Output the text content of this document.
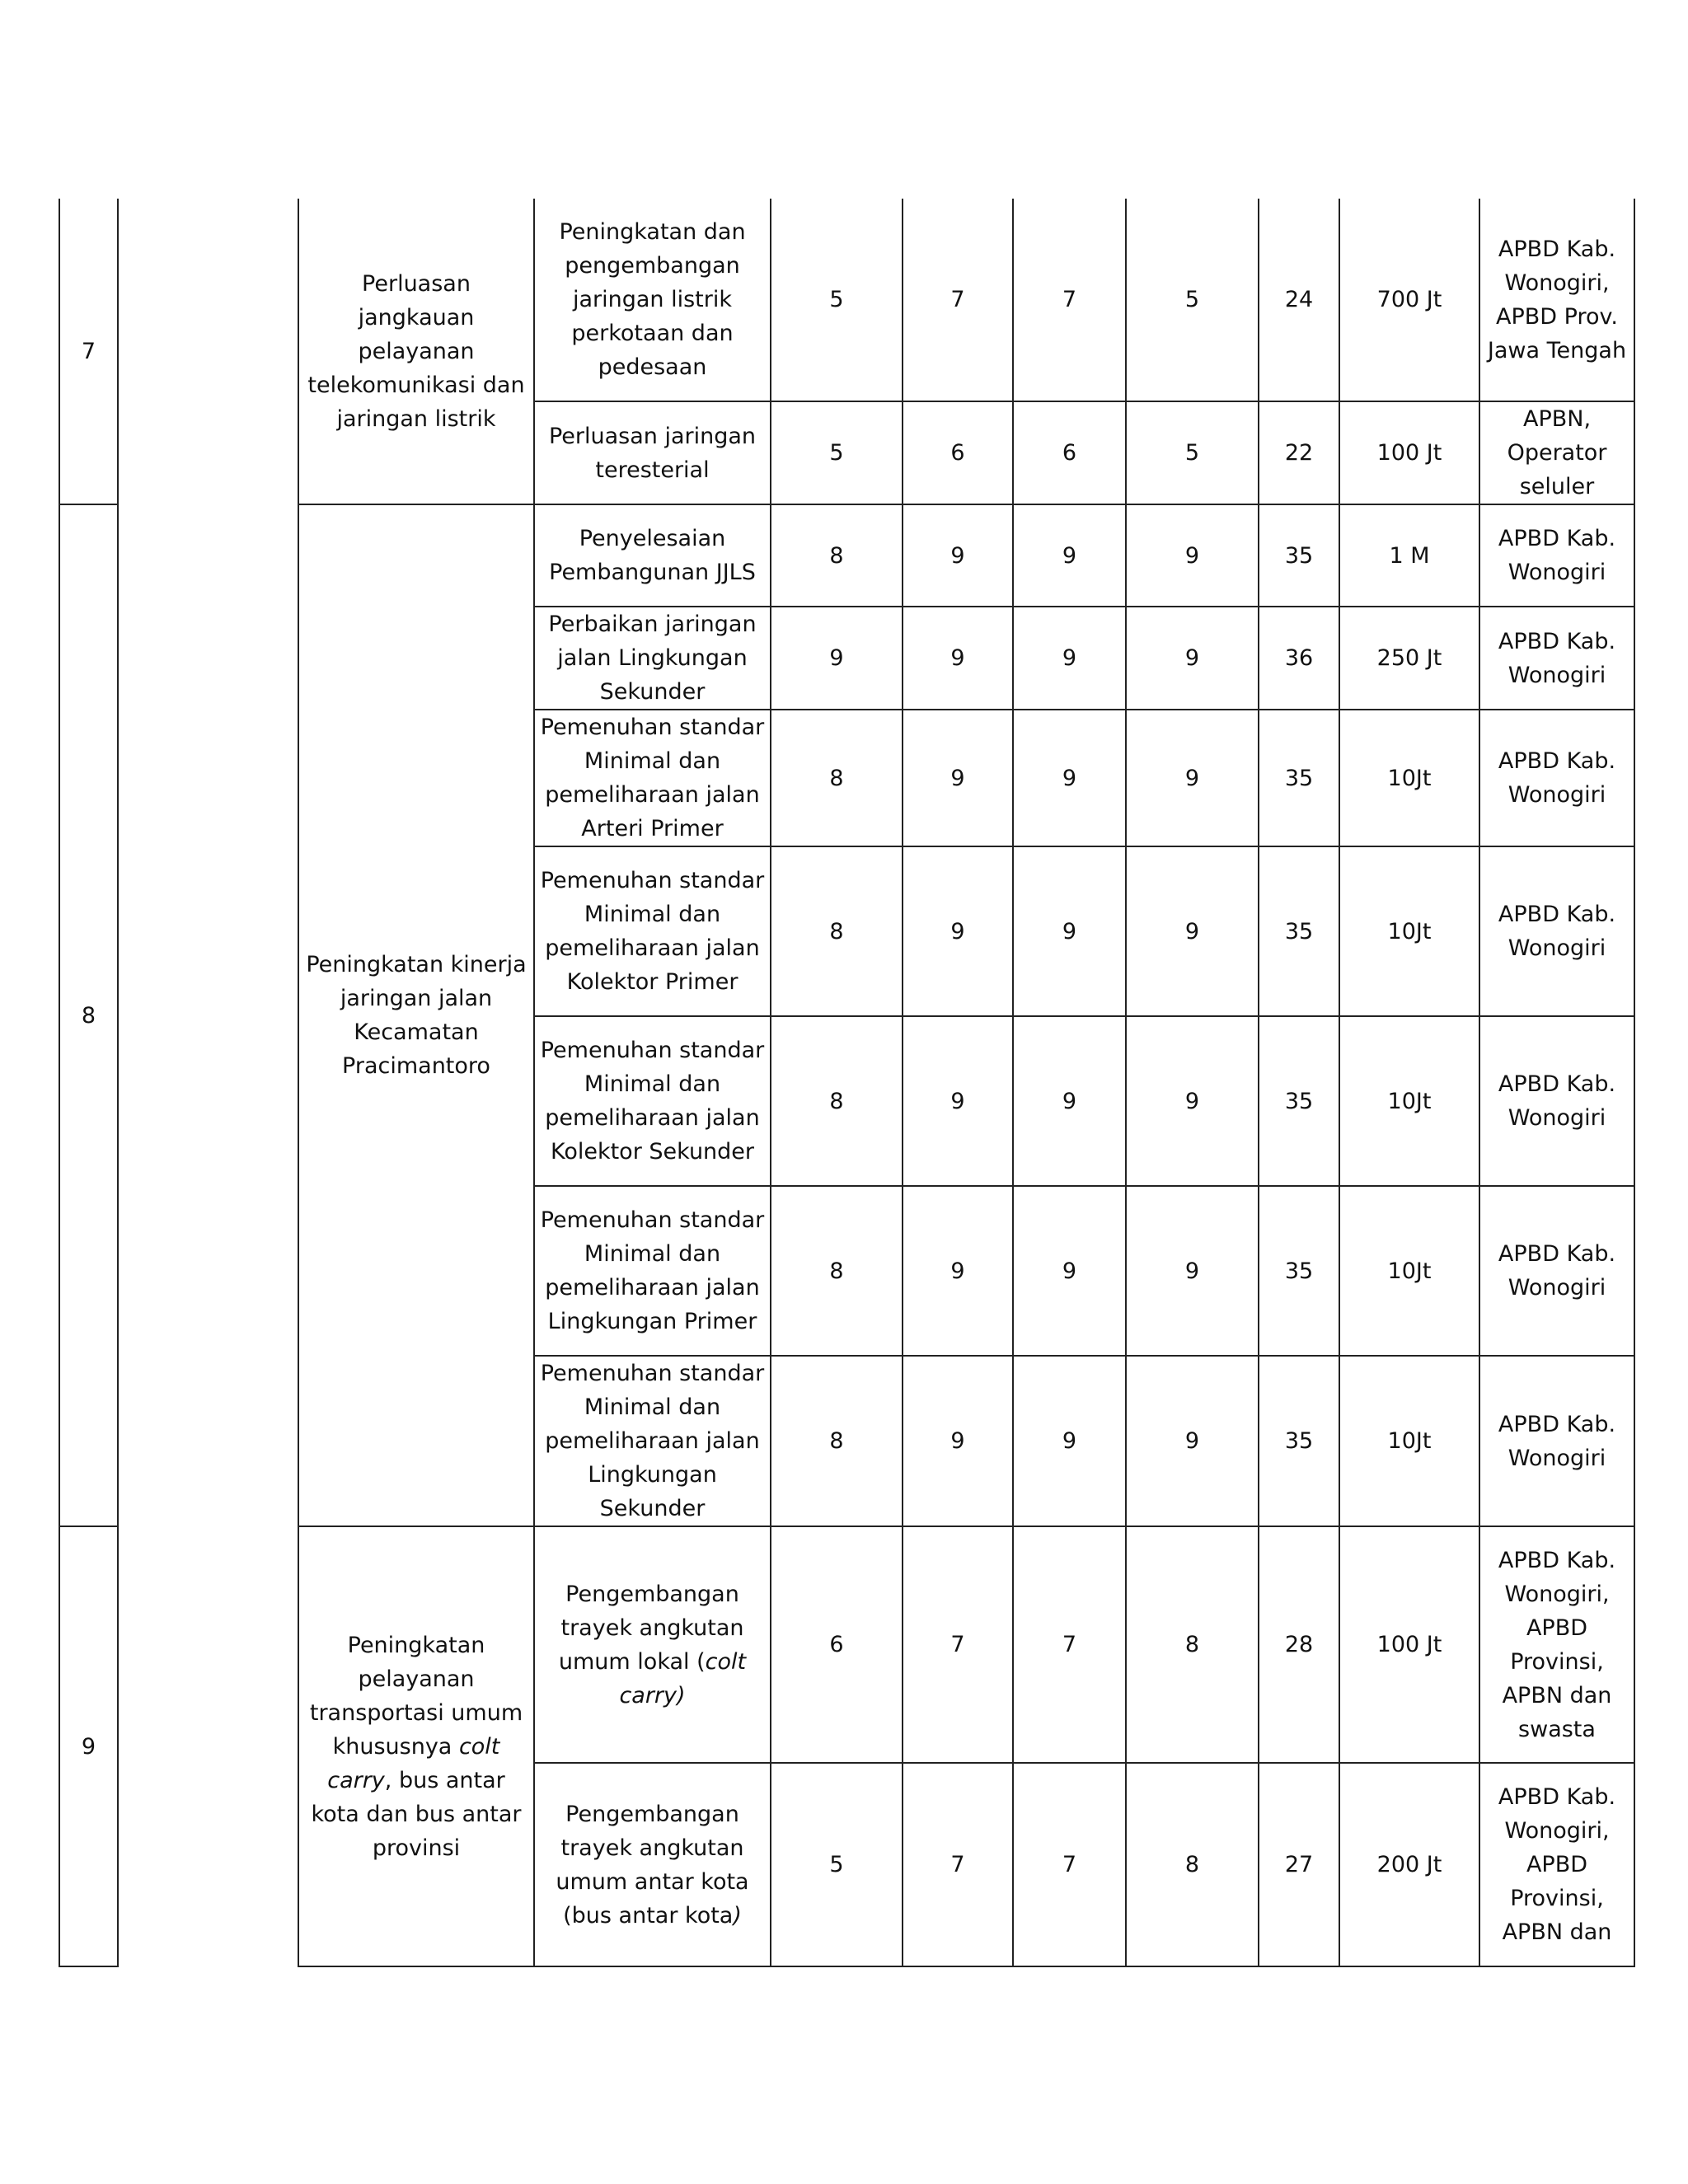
7		Perluasan jangkauan pelayanan telekomunikasi dan jaringan listrik	Peningkatan dan pengembangan jaringan listrik perkotaan dan pedesaan	5	7	7	5	24	700 Jt	APBD Kab. Wonogiri, APBD Prov. Jawa Tengah
			Perluasan jaringan teresterial	5	6	6	5	22	100 Jt	APBN, Operator seluler
8		Peningkatan kinerja jaringan jalan Kecamatan Pracimantoro	Penyelesaian Pembangunan JJLS	8	9	9	9	35	1 M	APBD Kab. Wonogiri
			Perbaikan jaringan jalan Lingkungan Sekunder	9	9	9	9	36	250 Jt	APBD Kab. Wonogiri
			Pemenuhan standar Minimal dan pemeliharaan jalan Arteri Primer	8	9	9	9	35	10Jt	APBD Kab. Wonogiri
			Pemenuhan standar Minimal dan pemeliharaan jalan Kolektor Primer	8	9	9	9	35	10Jt	APBD Kab. Wonogiri
			Pemenuhan standar Minimal dan pemeliharaan jalan Kolektor Sekunder	8	9	9	9	35	10Jt	APBD Kab. Wonogiri
			Pemenuhan standar Minimal dan pemeliharaan jalan Lingkungan Primer	8	9	9	9	35	10Jt	APBD Kab. Wonogiri
			Pemenuhan standar Minimal dan pemeliharaan jalan Lingkungan Sekunder	8	9	9	9	35	10Jt	APBD Kab. Wonogiri
9		Peningkatan pelayanan transportasi umum khususnya colt carry, bus antar kota dan bus antar provinsi	Pengembangan trayek angkutan umum lokal (colt carry)	6	7	7	8	28	100 Jt	APBD Kab. Wonogiri, APBD Provinsi, APBN dan swasta
			Pengembangan trayek angkutan umum antar kota (bus antar kota)	5	7	7	8	27	200 Jt	APBD Kab. Wonogiri, APBD Provinsi, APBN dan
